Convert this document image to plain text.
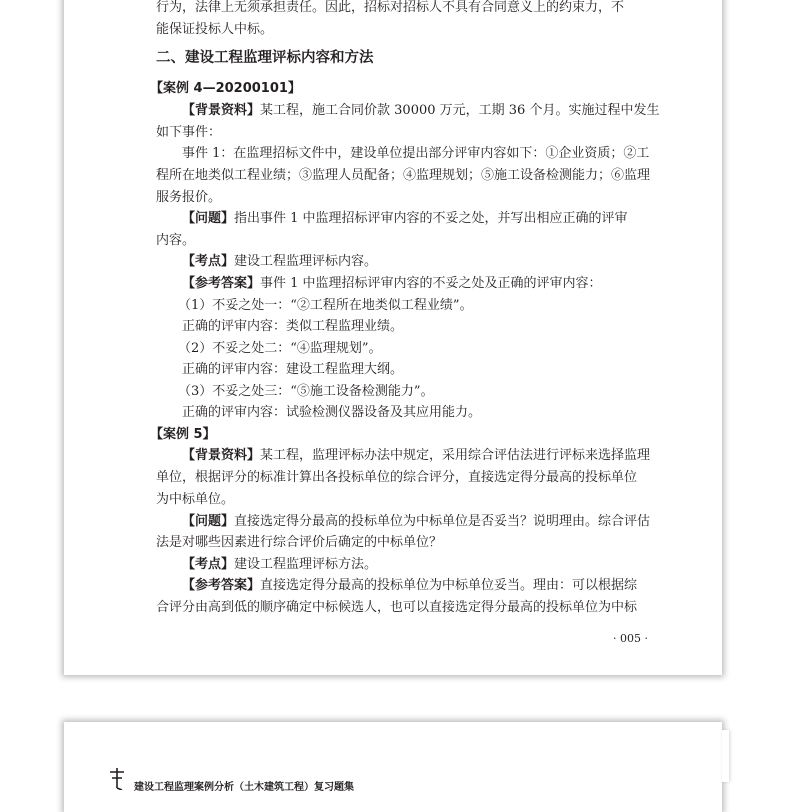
行为，法律上无须承担责任。因此，招标对招标人不具有合同意义上的约束力，不
能保证投标人中标。
二、建设工程监理评标内容和方法
【案例 4—20200101】
【背景资料】某工程，施工合同价款 30000 万元，工期 36 个月。实施过程中发生
如下事件：
事件 1：在监理招标文件中，建设单位提出部分评审内容如下：①企业资质；②工
程所在地类似工程业绩；③监理人员配备；④监理规划；⑤施工设备检测能力；⑥监理
服务报价。
【问题】指出事件 1 中监理招标评审内容的不妥之处，并写出相应正确的评审
内容。
【考点】建设工程监理评标内容。
【参考答案】事件 1 中监理招标评审内容的不妥之处及正确的评审内容：
（1）不妥之处一：“②工程所在地类似工程业绩”。
正确的评审内容：类似工程监理业绩。
（2）不妥之处二：“④监理规划”。
正确的评审内容：建设工程监理大纲。
（3）不妥之处三：“⑤施工设备检测能力”。
正确的评审内容：试验检测仪器设备及其应用能力。
【案例 5】
【背景资料】某工程，监理评标办法中规定，采用综合评估法进行评标来选择监理
单位，根据评分的标准计算出各投标单位的综合评分，直接选定得分最高的投标单位
为中标单位。
【问题】直接选定得分最高的投标单位为中标单位是否妥当？说明理由。综合评估
法是对哪些因素进行综合评价后确定的中标单位？
【考点】建设工程监理评标方法。
【参考答案】直接选定得分最高的投标单位为中标单位妥当。理由：可以根据综
合评分由高到低的顺序确定中标候选人，也可以直接选定得分最高的投标单位为中标
· 005 ·
建设工程监理案例分析（土木建筑工程）复习题集
